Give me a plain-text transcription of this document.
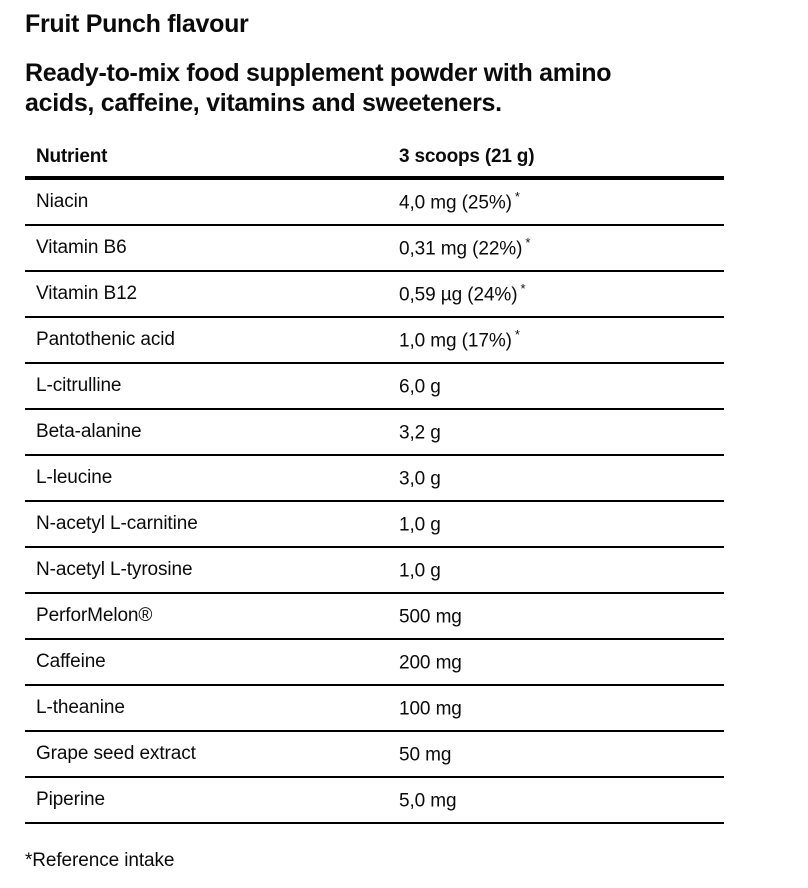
Fruit Punch flavour
Ready-to-mix food supplement powder with amino
acids, caffeine, vitamins and sweeteners.
Nutrient	3 scoops (21 g)
Niacin	4,0 mg (25%) *
Vitamin B6	0,31 mg (22%) *
Vitamin B12	0,59 µg (24%) *
Pantothenic acid	1,0 mg (17%) *
L-citrulline	6,0 g
Beta-alanine	3,2 g
L-leucine	3,0 g
N-acetyl L-carnitine	1,0 g
N-acetyl L-tyrosine	1,0 g
PerforMelon®	500 mg
Caffeine	200 mg
L-theanine	100 mg
Grape seed extract	50 mg
Piperine	5,0 mg
*Reference intake
